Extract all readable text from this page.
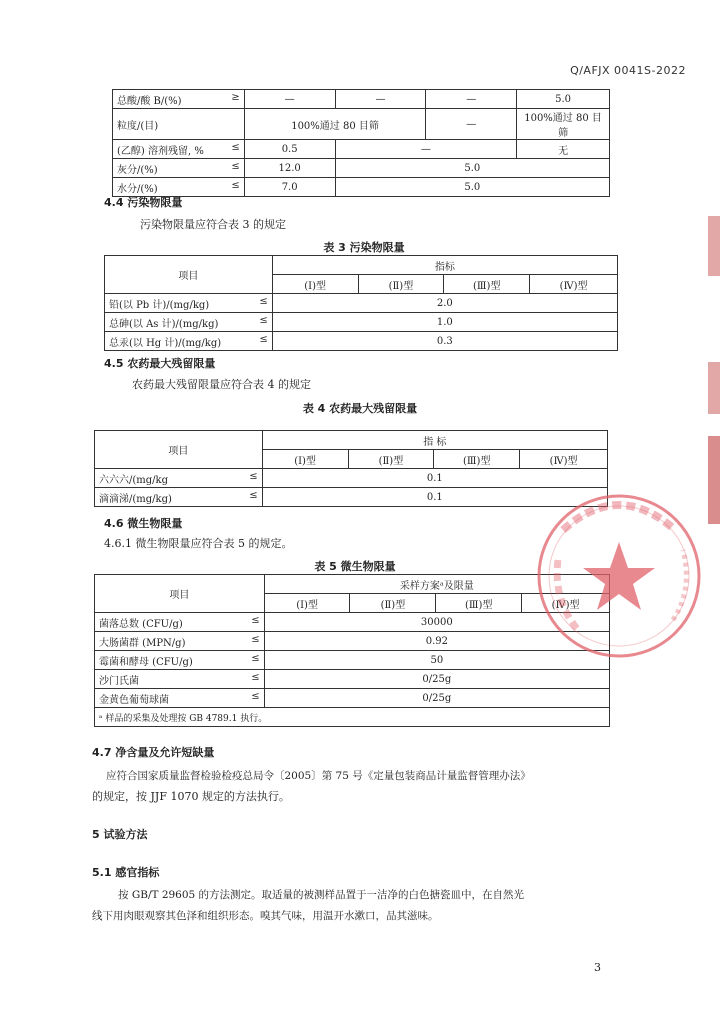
Q/AFJX 0041S-2022
总酸/酸 B/(%) ≥	—	—	—	5.0
粒度/(目)	100%通过 80 目筛		—	100%通过 80 目筛
(乙醇) 溶剂残留, % ≤	0.5	—		无
灰分/(%) ≤	12.0	5.0		
水分/(%) ≤	7.0	5.0		
4.4 污染物限量
污染物限量应符合表 3 的规定
表 3 污染物限量
项目	指标			
	(Ⅰ)型	(Ⅱ)型	(Ⅲ)型	(Ⅳ)型
铅(以 Pb 计)/(mg/kg) ≤	2.0			
总砷(以 As 计)/(mg/kg) ≤	1.0			
总汞(以 Hg 计)/(mg/kg) ≤	0.3			
4.5 农药最大残留限量
农药最大残留限量应符合表 4 的规定
表 4 农药最大残留限量
项目	指 标			
	(Ⅰ)型	(Ⅱ)型	(Ⅲ)型	(Ⅳ)型
六六六/(mg/kg ≤	0.1			
滴滴涕/(mg/kg) ≤	0.1			
4.6 微生物限量
4.6.1 微生物限量应符合表 5 的规定。
表 5 微生物限量
项目	采样方案ᵃ及限量			
	(Ⅰ)型	(Ⅱ)型	(Ⅲ)型	(Ⅳ)型
菌落总数 (CFU/g) ≤	30000			
大肠菌群 (MPN/g) ≤	0.92			
霉菌和酵母 (CFU/g) ≤	50			
沙门氏菌 ≤	0/25g			
金黄色葡萄球菌 ≤	0/25g			
ᵃ 样品的采集及处理按 GB 4789.1 执行。				
4.7 净含量及允许短缺量
应符合国家质量监督检验检疫总局令〔2005〕第 75 号《定量包装商品计量监督管理办法》
的规定，按 JJF 1070 规定的方法执行。
5 试验方法
5.1 感官指标
按 GB/T 29605 的方法测定。取适量的被测样品置于一洁净的白色搪瓷皿中，在自然光
线下用肉眼观察其色泽和组织形态。嗅其气味，用温开水漱口，品其滋味。
3
